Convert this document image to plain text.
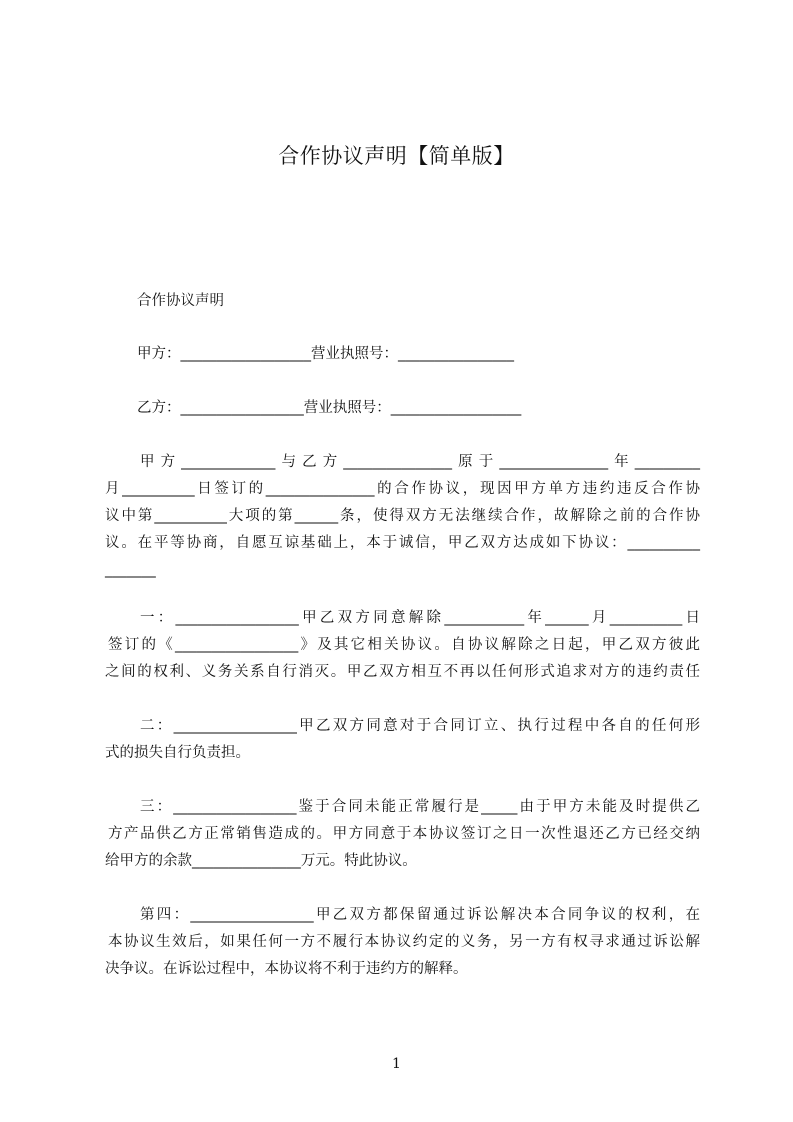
合作协议声明【简单版】
合作协议声明
甲方：__________________营业执照号：________________
乙方：_________________营业执照号：__________________
甲方_____________与乙方_______________原于_______________年_________
月__________日签订的_______________的合作协议，现因甲方单方违约违反合作协
议中第__________大项的第______条，使得双方无法继续合作，故解除之前的合作协
议。在平等协商，自愿互谅基础上，本于诚信，甲乙双方达成如下协议：__________
_______
一：_________________甲乙双方同意解除___________年______月__________日
签订的《_________________》及其它相关协议。自协议解除之日起，甲乙双方彼此
之间的权利、义务关系自行消灭。甲乙双方相互不再以任何形式追求对方的违约责任
二：_________________甲乙双方同意对于合同订立、执行过程中各自的任何形
式的损失自行负责担。
三：_________________鉴于合同未能正常履行是_____由于甲方未能及时提供乙
方产品供乙方正常销售造成的。甲方同意于本协议签订之日一次性退还乙方已经交纳
给甲方的余款_______________万元。特此协议。
第四：_________________甲乙双方都保留通过诉讼解决本合同争议的权利，在
本协议生效后，如果任何一方不履行本协议约定的义务，另一方有权寻求通过诉讼解
决争议。在诉讼过程中，本协议将不利于违约方的解释。
1
